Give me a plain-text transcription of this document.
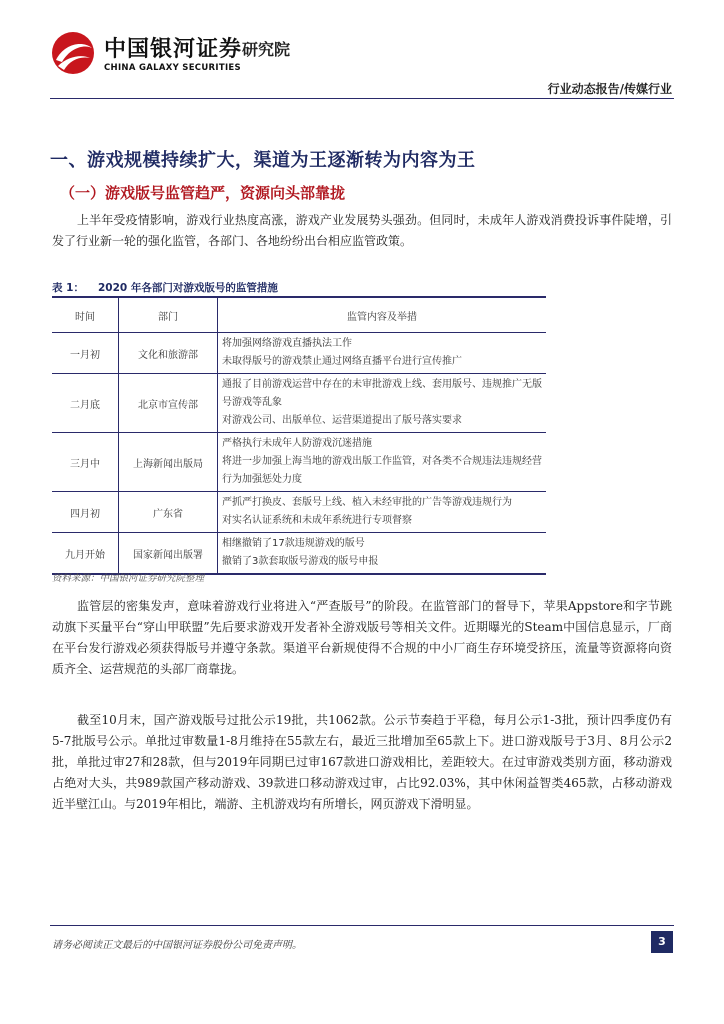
中国银河证券
CHINA GALAXY SECURITIES
研究院
行业动态报告/传媒行业
一、游戏规模持续扩大，渠道为王逐渐转为内容为王
（一）游戏版号监管趋严，资源向头部靠拢

上半年受疫情影响，游戏行业热度高涨，游戏产业发展势头强劲。但同时，未成年人游戏消费投诉事件陡增，引发了行业新一轮的强化监管，各部门、各地纷纷出台相应监管政策。

表 1： 2020 年各部门对游戏版号的监管措施
时间	部门	监管内容及举措
一月初	文化和旅游部	将加强网络游戏直播执法工作
未取得版号的游戏禁止通过网络直播平台进行宣传推广

二月底	北京市宣传部	通报了目前游戏运营中存在的未审批游戏上线、套用版号、违规推广无版号游戏等乱象
对游戏公司、出版单位、运营渠道提出了版号落实要求

三月中	上海新闻出版局	严格执行未成年人防游戏沉迷措施
将进一步加强上海当地的游戏出版工作监管，对各类不合规违法违规经营行为加强惩处力度

四月初	广东省	严抓严打换皮、套版号上线、植入未经审批的广告等游戏违规行为
对实名认证系统和未成年系统进行专项督察

九月开始	国家新闻出版署	相继撤销了17款违规游戏的版号
撤销了3款套取版号游戏的版号申报
资料来源：中国银河证券研究院整理

监管层的密集发声，意味着游戏行业将进入“严查版号”的阶段。在监管部门的督导下，苹果Appstore和字节跳动旗下买量平台“穿山甲联盟”先后要求游戏开发者补全游戏版号等相关文件。近期曝光的Steam中国信息显示，厂商在平台发行游戏必须获得版号并遵守条款。渠道平台新规使得不合规的中小厂商生存环境受挤压，流量等资源将向资质齐全、运营规范的头部厂商靠拢。

截至10月末，国产游戏版号过批公示19批，共1062款。公示节奏趋于平稳，每月公示1-3批，预计四季度仍有5-7批版号公示。单批过审数量1-8月维持在55款左右，最近三批增加至65款上下。进口游戏版号于3月、8月公示2批，单批过审27和28款，但与2019年同期已过审167款进口游戏相比，差距较大。在过审游戏类别方面，移动游戏占绝对大头，共989款国产移动游戏、39款进口移动游戏过审，占比92.03%，其中休闲益智类465款，占移动游戏近半壁江山。与2019年相比，端游、主机游戏均有所增长，网页游戏下滑明显。

请务必阅读正文最后的中国银河证券股份公司免责声明。	3
